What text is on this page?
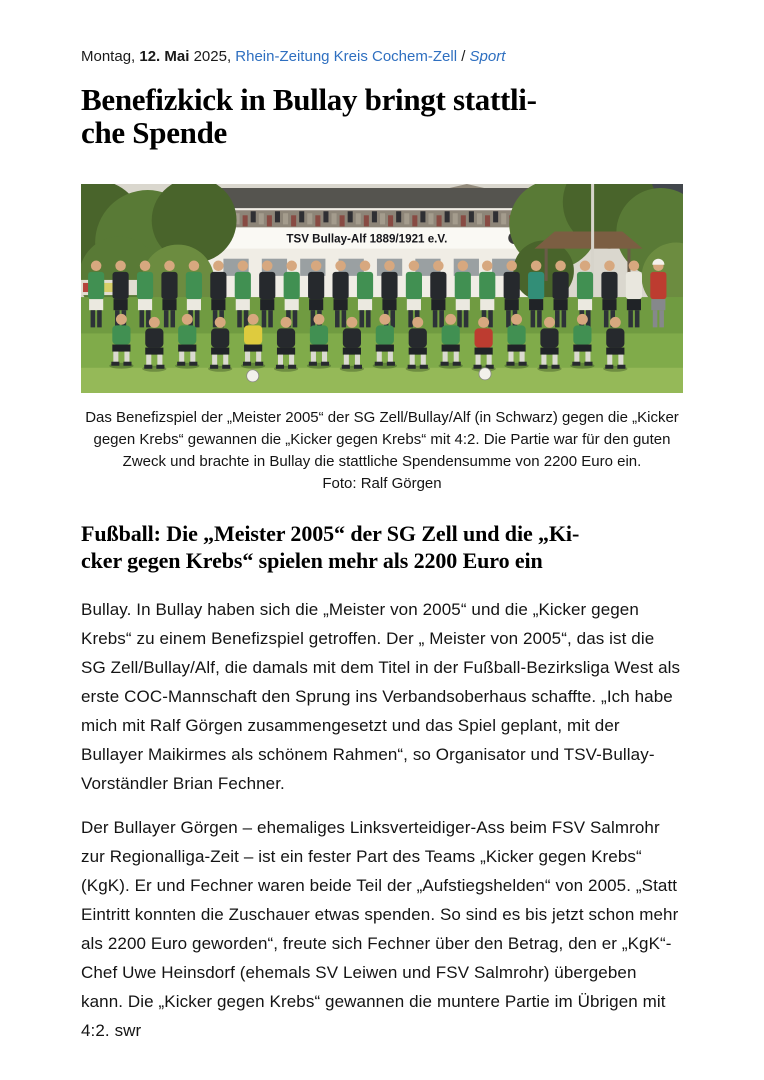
Montag, 12. Mai 2025, Rhein-Zeitung Kreis Cochem-Zell / Sport
Benefizkick in Bullay bringt stattli-
che Spende
TSV Bullay-Alf 1889/1921 e.V.
Das Benefizspiel der „Meister 2005“ der SG Zell/Bullay/Alf (in Schwarz) gegen die „Kicker gegen Krebs“ gewannen die „Kicker gegen Krebs“ mit 4:2. Die Partie war für den guten Zweck und brachte in Bullay die stattliche Spendensumme von 2200 Euro ein.
Foto: Ralf Görgen
Fußball: Die „Meister 2005“ der SG Zell und die „Ki-
cker gegen Krebs“ spielen mehr als 2200 Euro ein

Bullay. In Bullay haben sich die „Meister von 2005“ und die „Kicker gegen Krebs“ zu einem Benefizspiel getroffen. Der „ Meister von 2005“, das ist die SG Zell/Bullay/Alf, die damals mit dem Titel in der Fußball-Bezirksliga West als erste COC-Mannschaft den Sprung ins Verbandsoberhaus schaffte. „Ich habe mich mit Ralf Görgen zusammengesetzt und das Spiel geplant, mit der Bullayer Maikirmes als schönem Rahmen“, so Organisator und TSV-Bullay-Vorständler Brian Fechner.

Der Bullayer Görgen – ehemaliges Linksverteidiger-Ass beim FSV Salmrohr zur Regionalliga-Zeit – ist ein fester Part des Teams „Kicker gegen Krebs“ (KgK). Er und Fechner waren beide Teil der „Aufstiegshelden“ von 2005. „Statt Eintritt konnten die Zuschauer etwas spenden. So sind es bis jetzt schon mehr als 2200 Euro geworden“, freute sich Fechner über den Betrag, den er „KgK“-Chef Uwe Heinsdorf (ehemals SV Leiwen und FSV Salmrohr) übergeben kann. Die „Kicker gegen Krebs“ gewannen die muntere Partie im Übrigen mit 4:2. swr
